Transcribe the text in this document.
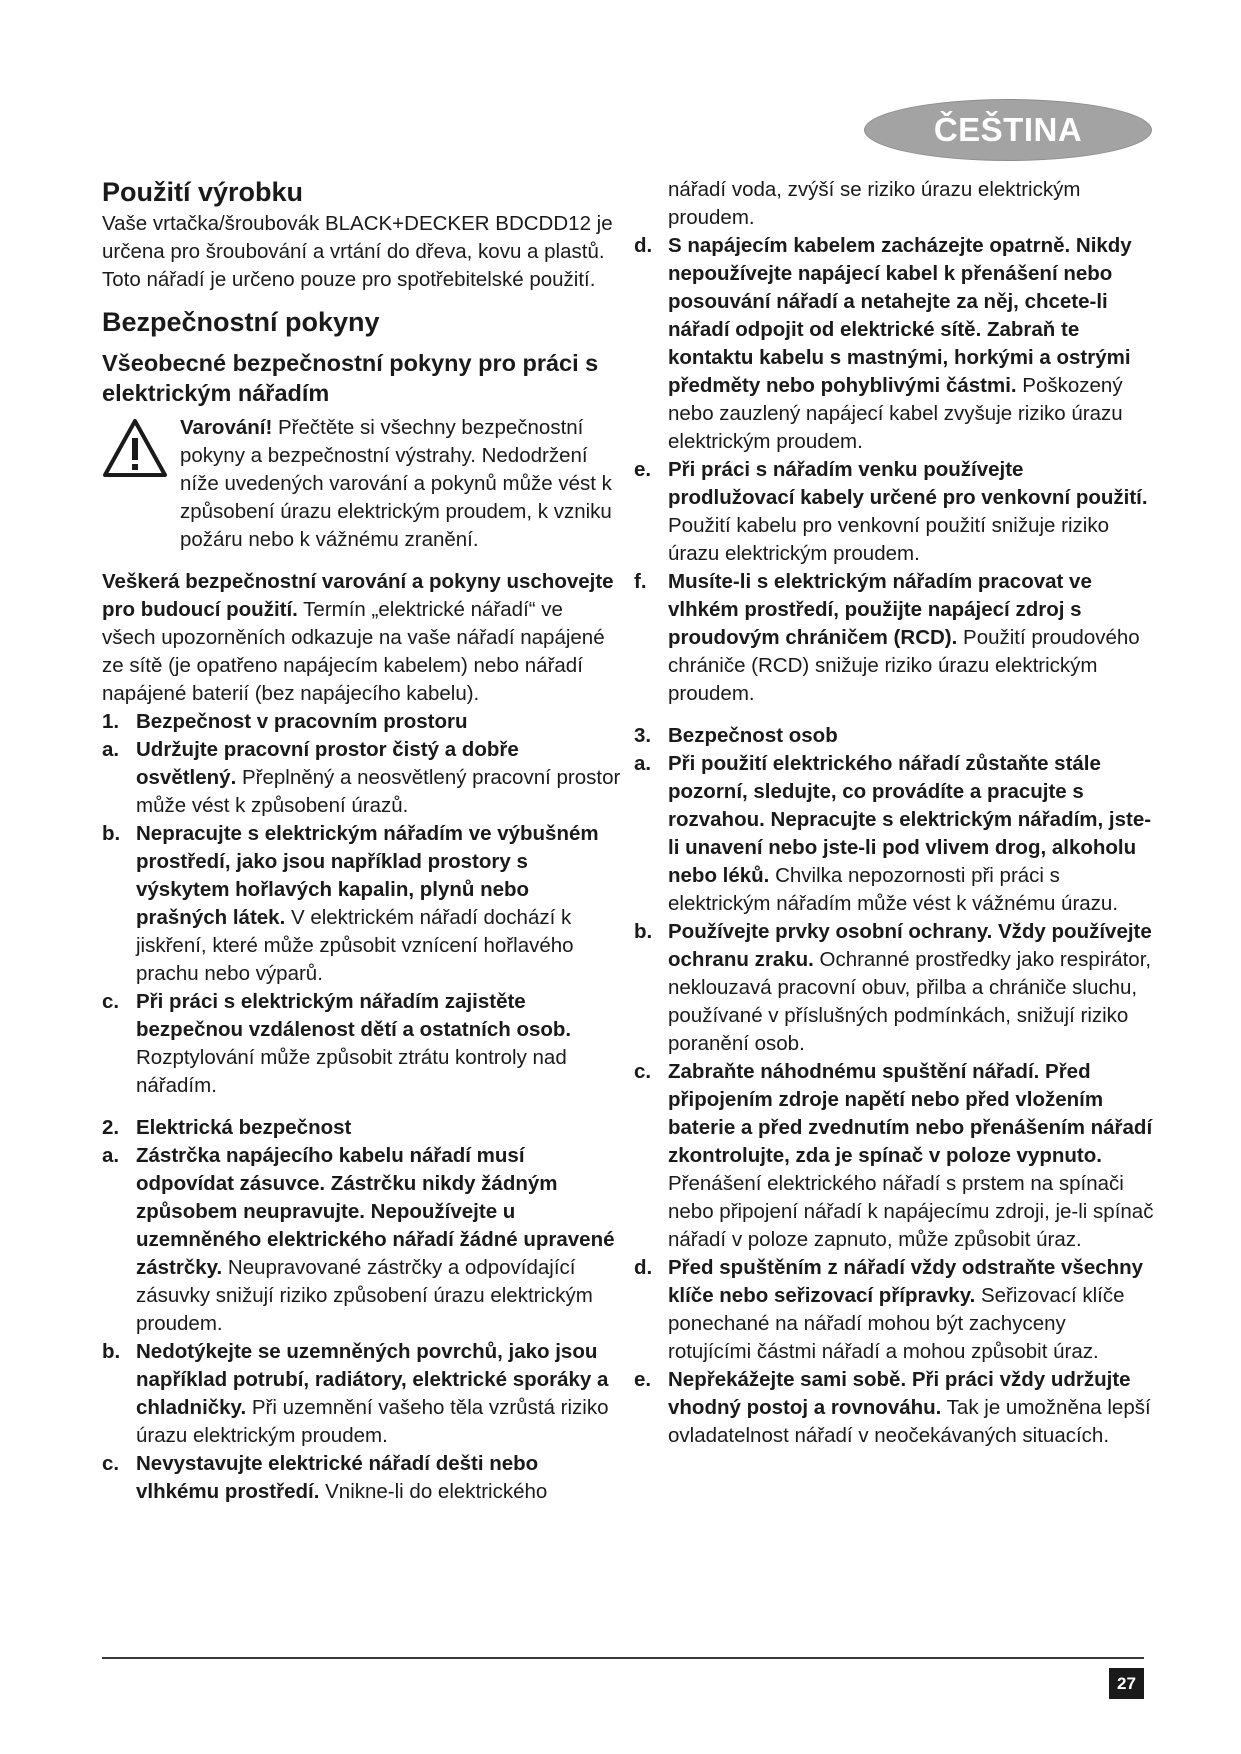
ČEŠTINA
Použití výrobku

Vaše vrtačka/šroubovák BLACK+DECKER BDCDD12 je určena pro šroubování a vrtání do dřeva, kovu a plastů. Toto nářadí je určeno pouze pro spotřebitelské použití.

Bezpečnostní pokyny
Všeobecné bezpečnostní pokyny pro práci s elektrickým nářadím

Varování! Přečtěte si všechny bezpečnostní pokyny a bezpečnostní výstrahy. Nedodržení níže uvedených varování a pokynů může vést k způsobení úrazu elektrickým proudem, k vzniku požáru nebo k vážnému zranění.

Veškerá bezpečnostní varování a pokyny uschovejte pro budoucí použití. Termín „elektrické nářadí“ ve všech upozorněních odkazuje na vaše nářadí napájené ze sítě (je opatřeno napájecím kabelem) nebo nářadí napájené baterií (bez napájecího kabelu).

1. Bezpečnost v pracovním prostoru
a. Udržujte pracovní prostor čistý a dobře osvětlený. Přeplněný a neosvětlený pracovní prostor může vést k způsobení úrazů.
b. Nepracujte s elektrickým nářadím ve výbušném prostředí, jako jsou například prostory s výskytem hořlavých kapalin, plynů nebo prašných látek. V elektrickém nářadí dochází k jiskření, které může způsobit vznícení hořlavého prachu nebo výparů.
c. Při práci s elektrickým nářadím zajistěte bezpečnou vzdálenost dětí a ostatních osob. Rozptylování může způsobit ztrátu kontroly nad nářadím.
2. Elektrická bezpečnost
a. Zástrčka napájecího kabelu nářadí musí odpovídat zásuvce. Zástrčku nikdy žádným způsobem neupravujte. Nepoužívejte u uzemněného elektrického nářadí žádné upravené zástrčky. Neupravované zástrčky a odpovídající zásuvky snižují riziko způsobení úrazu elektrickým proudem.
b. Nedotýkejte se uzemněných povrchů, jako jsou například potrubí, radiátory, elektrické sporáky a chladničky. Při uzemnění vašeho těla vzrůstá riziko úrazu elektrickým proudem.
c. Nevystavujte elektrické nářadí dešti nebo vlhkému prostředí. Vnikne-li do elektrického
nářadí voda, zvýší se riziko úrazu elektrickým proudem.
d. S napájecím kabelem zacházejte opatrně. Nikdy nepoužívejte napájecí kabel k přenášení nebo posouvání nářadí a netahejte za něj, chcete-li nářadí odpojit od elektrické sítě. Zabraň te kontaktu kabelu s mastnými, horkými a ostrými předměty nebo pohyblivými částmi. Poškozený nebo zauzlený napájecí kabel zvyšuje riziko úrazu elektrickým proudem.
e. Při práci s nářadím venku používejte prodlužovací kabely určené pro venkovní použití. Použití kabelu pro venkovní použití snižuje riziko úrazu elektrickým proudem.
f.	Musíte-li s elektrickým nářadím pracovat ve vlhkém prostředí, použijte napájecí zdroj s proudovým chráničem (RCD). Použití proudového chrániče (RCD) snižuje riziko úrazu elektrickým proudem.
3. Bezpečnost osob
a. Při použití elektrického nářadí zůstaňte stále pozorní, sledujte, co provádíte a pracujte s rozvahou. Nepracujte s elektrickým nářadím, jste-li unavení nebo jste-li pod vlivem drog, alkoholu nebo léků. Chvilka nepozornosti při práci s elektrickým nářadím může vést k vážnému úrazu.
b. Používejte prvky osobní ochrany. Vždy používejte ochranu zraku. Ochranné prostředky jako respirátor, neklouzavá pracovní obuv, přilba a chrániče sluchu, používané v příslušných podmínkách, snižují riziko poranění osob.
c. Zabraňte náhodnému spuštění nářadí. Před připojením zdroje napětí nebo před vložením baterie a před zvednutím nebo přenášením nářadí zkontrolujte, zda je spínač v poloze vypnuto. Přenášení elektrického nářadí s prstem na spínači nebo připojení nářadí k napájecímu zdroji, je-li spínač nářadí v poloze zapnuto, může způsobit úraz.
d. Před spuštěním z nářadí vždy odstraňte všechny klíče nebo seřizovací přípravky. Seřizovací klíče ponechané na nářadí mohou být zachyceny rotujícími částmi nářadí a mohou způsobit úraz.
e. Nepřekážejte sami sobě. Při práci vždy udržujte vhodný postoj a rovnováhu. Tak je umožněna lepší ovladatelnost nářadí v neočekávaných situacích.
27
